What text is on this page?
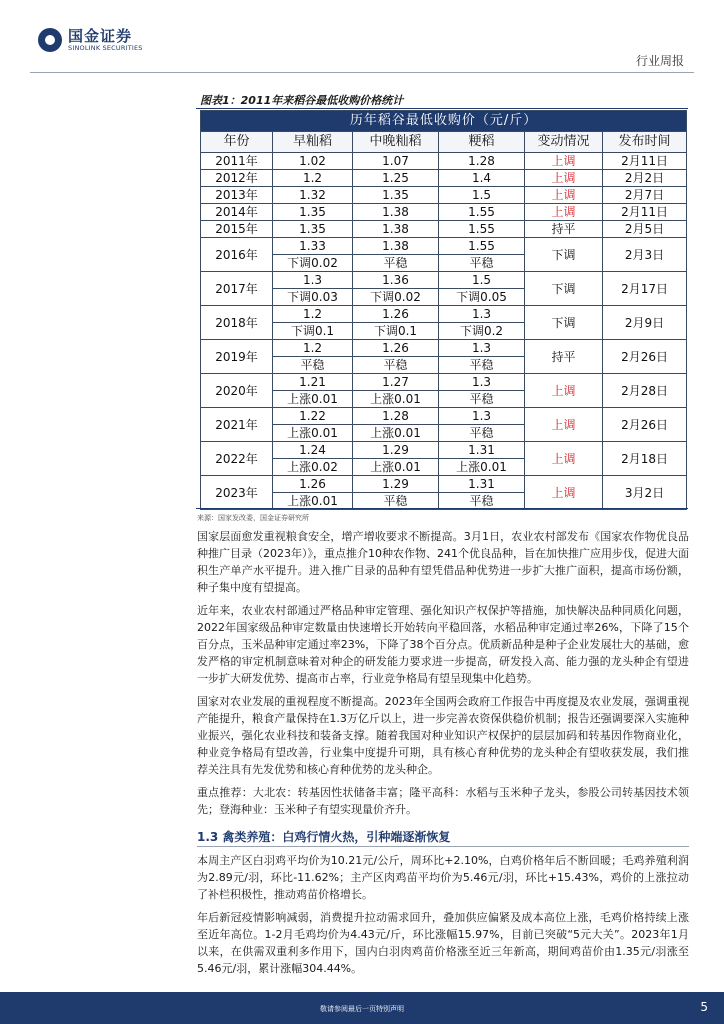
国金证券
SINOLINK SECURITIES
行业周报
图表1：2011年来稻谷最低收购价格统计
历年稻谷最低收购价（元/斤）					
年份	早籼稻	中晚籼稻	粳稻	变动情况	发布时间
2011年	1.02	1.07	1.28	上调	2月11日
2012年	1.2	1.25	1.4	上调	2月2日
2013年	1.32	1.35	1.5	上调	2月7日
2014年	1.35	1.38	1.55	上调	2月11日
2015年	1.35	1.38	1.55	持平	2月5日
2016年	1.33	1.38	1.55	下调	2月3日
	下调0.02	平稳	平稳		
2017年	1.3	1.36	1.5	下调	2月17日
	下调0.03	下调0.02	下调0.05		
2018年	1.2	1.26	1.3	下调	2月9日
	下调0.1	下调0.1	下调0.2		
2019年	1.2	1.26	1.3	持平	2月26日
	平稳	平稳	平稳		
2020年	1.21	1.27	1.3	上调	2月28日
	上涨0.01	上涨0.01	平稳		
2021年	1.22	1.28	1.3	上调	2月26日
	上涨0.01	上涨0.01	平稳		
2022年	1.24	1.29	1.31	上调	2月18日
	上涨0.02	上涨0.01	上涨0.01		
2023年	1.26	1.29	1.31	上调	3月2日
	上涨0.01	平稳	平稳		
来源：国家发改委，国金证券研究所

国家层面愈发重视粮食安全，增产增收要求不断提高。3月1日，农业农村部发布《国家农作物优良品种推广目录（2023年）》，重点推介10种农作物、241个优良品种，旨在加快推广应用步伐，促进大面积生产单产水平提升。进入推广目录的品种有望凭借品种优势进一步扩大推广面积，提高市场份额，种子集中度有望提高。

近年来，农业农村部通过严格品种审定管理、强化知识产权保护等措施，加快解决品种同质化问题，2022年国家级品种审定数量由快速增长开始转向平稳回落，水稻品种审定通过率26%，下降了15个百分点，玉米品种审定通过率23%，下降了38个百分点。优质新品种是种子企业发展壮大的基础，愈发严格的审定机制意味着对种企的研发能力要求进一步提高，研发投入高、能力强的龙头种企有望进一步扩大研发优势、提高市占率，行业竞争格局有望呈现集中化趋势。

国家对农业发展的重视程度不断提高。2023年全国两会政府工作报告中再度提及农业发展，强调重视产能提升，粮食产量保持在1.3万亿斤以上，进一步完善农资保供稳价机制；报告还强调要深入实施种业振兴，强化农业科技和装备支撑。随着我国对种业知识产权保护的层层加码和转基因作物商业化，种业竞争格局有望改善，行业集中度提升可期，具有核心育种优势的龙头种企有望收获发展，我们推荐关注具有先发优势和核心育种优势的龙头种企。

重点推荐：大北农：转基因性状储备丰富；隆平高科：水稻与玉米种子龙头，参股公司转基因技术领先；登海种业：玉米种子有望实现量价齐升。

1.3 禽类养殖：白鸡行情火热，引种端逐渐恢复

本周主产区白羽鸡平均价为10.21元/公斤，周环比+2.10%，白鸡价格年后不断回暖；毛鸡养殖利润为2.89元/羽，环比-11.62%；主产区肉鸡苗平均价为5.46元/羽，环比+15.43%，鸡价的上涨拉动了补栏积极性，推动鸡苗价格增长。

年后新冠疫情影响减弱，消费提升拉动需求回升，叠加供应偏紧及成本高位上涨，毛鸡价格持续上涨至近年高位。1-2月毛鸡均价为4.43元/斤，环比涨幅15.97%，目前已突破“5元大关”。2023年1月以来，在供需双重利多作用下，国内白羽肉鸡苗价格涨至近三年新高，期间鸡苗价由1.35元/羽涨至5.46元/羽，累计涨幅304.44%。

敬请参阅最后一页特别声明	5
